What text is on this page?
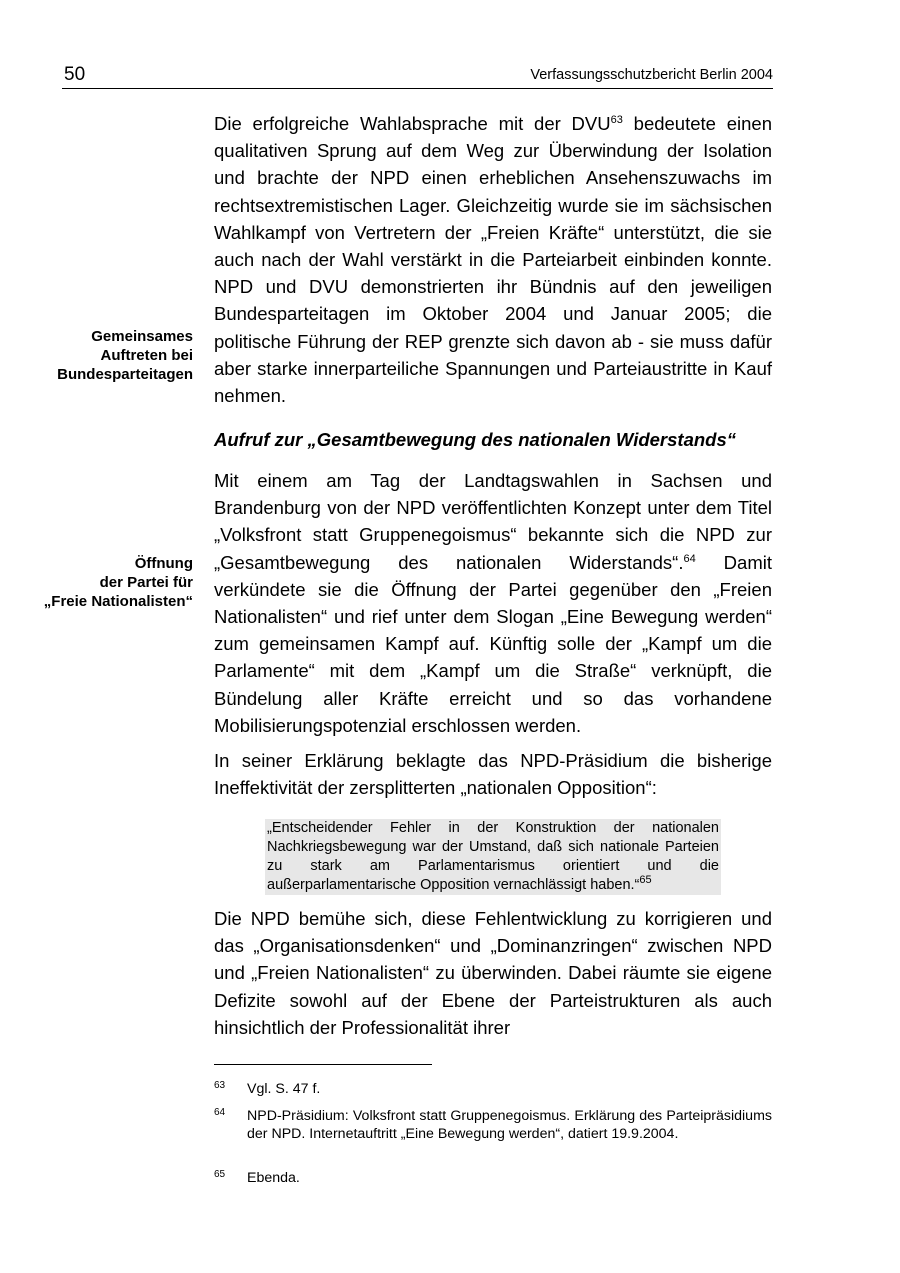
50	Verfassungsschutzbericht Berlin 2004
Gemeinsames
Auftreten bei
Bundesparteitagen
Öffnung
der Partei für
„Freie Nationalisten“

Die erfolgreiche Wahlabsprache mit der DVU$^{63}$ bedeutete einen qualitativen Sprung auf dem Weg zur Überwindung der Isolation und brachte der NPD einen erheblichen Ansehenszuwachs im rechtsextremistischen Lager. Gleichzeitig wurde sie im sächsischen Wahlkampf von Vertretern der „Freien Kräfte“ unterstützt, die sie auch nach der Wahl verstärkt in die Parteiarbeit einbinden konnte. NPD und DVU demonstrierten ihr Bündnis auf den jeweiligen Bundesparteitagen im Oktober 2004 und Januar 2005; die politische Führung der REP grenzte sich davon ab - sie muss dafür aber starke innerparteiliche Spannungen und Parteiaustritte in Kauf nehmen.

Aufruf zur „Gesamtbewegung des nationalen Widerstands“

Mit einem am Tag der Landtagswahlen in Sachsen und Brandenburg von der NPD veröffentlichten Konzept unter dem Titel „Volksfront statt Gruppenegoismus“ bekannte sich die NPD zur „Gesamtbewegung des nationalen Widerstands“.$^{64}$ Damit verkündete sie die Öffnung der Partei gegenüber den „Freien Nationalisten“ und rief unter dem Slogan „Eine Bewegung werden“ zum gemeinsamen Kampf auf. Künftig solle der „Kampf um die Parlamente“ mit dem „Kampf um die Straße“ verknüpft, die Bündelung aller Kräfte erreicht und so das vorhandene Mobilisierungspotenzial erschlossen werden.

In seiner Erklärung beklagte das NPD-Präsidium die bisherige Ineffektivität der zersplitterten „nationalen Opposition“:

„Entscheidender Fehler in der Konstruktion der nationalen Nachkriegsbewegung war der Umstand, daß sich nationale Parteien zu stark am Parlamentarismus orientiert und die außerparlamentarische Opposition vernachlässigt haben.“$^{65}$

Die NPD bemühe sich, diese Fehlentwicklung zu korrigieren und das „Organisationsdenken“ und „Dominanzringen“ zwischen NPD und „Freien Nationalisten“ zu überwinden. Dabei räumte sie eigene Defizite sowohl auf der Ebene der Parteistrukturen als auch hinsichtlich der Professionalität ihrer

63 Vgl. S. 47 f.
64 NPD-Präsidium: Volksfront statt Gruppenegoismus. Erklärung des Parteipräsidiums der NPD. Internetauftritt „Eine Bewegung werden“, datiert 19.9.2004.
65 Ebenda.
